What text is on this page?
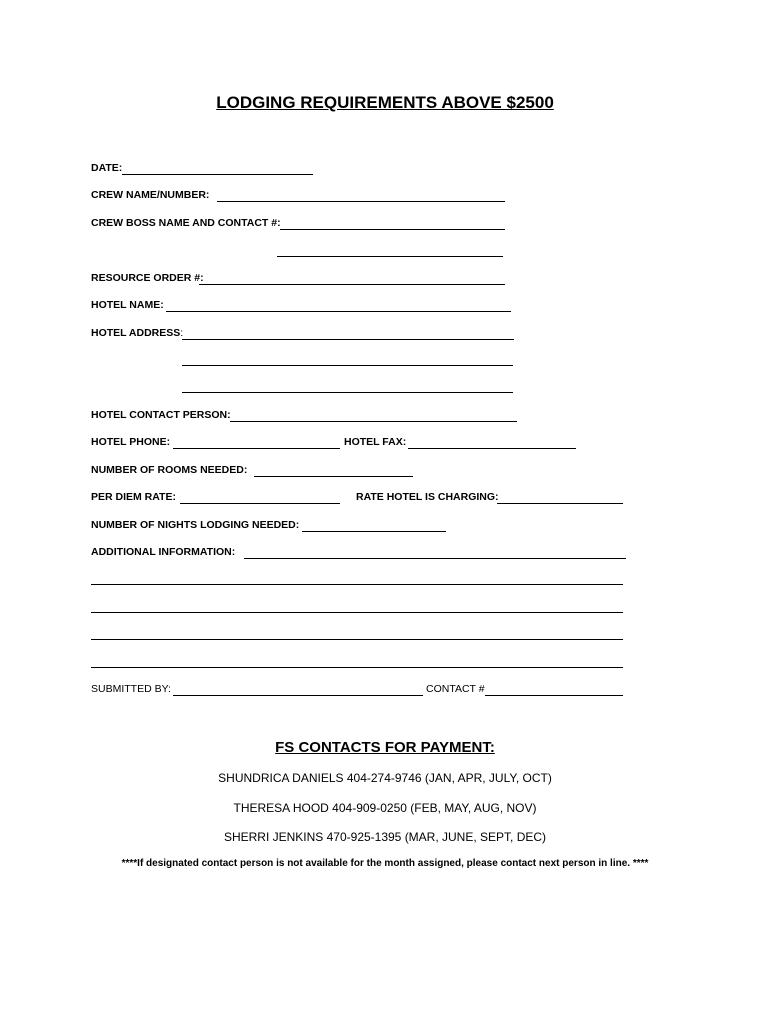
LODGING REQUIREMENTS ABOVE $2500
DATE:
CREW NAME/NUMBER:
CREW BOSS NAME AND CONTACT #:
RESOURCE ORDER #:
HOTEL NAME:
HOTEL ADDRESS:
HOTEL CONTACT PERSON:
HOTEL PHONE:	HOTEL FAX:
NUMBER OF ROOMS NEEDED:
PER DIEM RATE:	RATE HOTEL IS CHARGING:
NUMBER OF NIGHTS LODGING NEEDED:
ADDITIONAL INFORMATION:
SUBMITTED BY:	CONTACT #
FS CONTACTS FOR PAYMENT:
SHUNDRICA DANIELS 404-274-9746 (JAN, APR, JULY, OCT)
THERESA HOOD 404-909-0250 (FEB, MAY, AUG, NOV)
SHERRI JENKINS 470-925-1395 (MAR, JUNE, SEPT, DEC)
****If designated contact person is not available for the month assigned, please contact next person in line. ****
